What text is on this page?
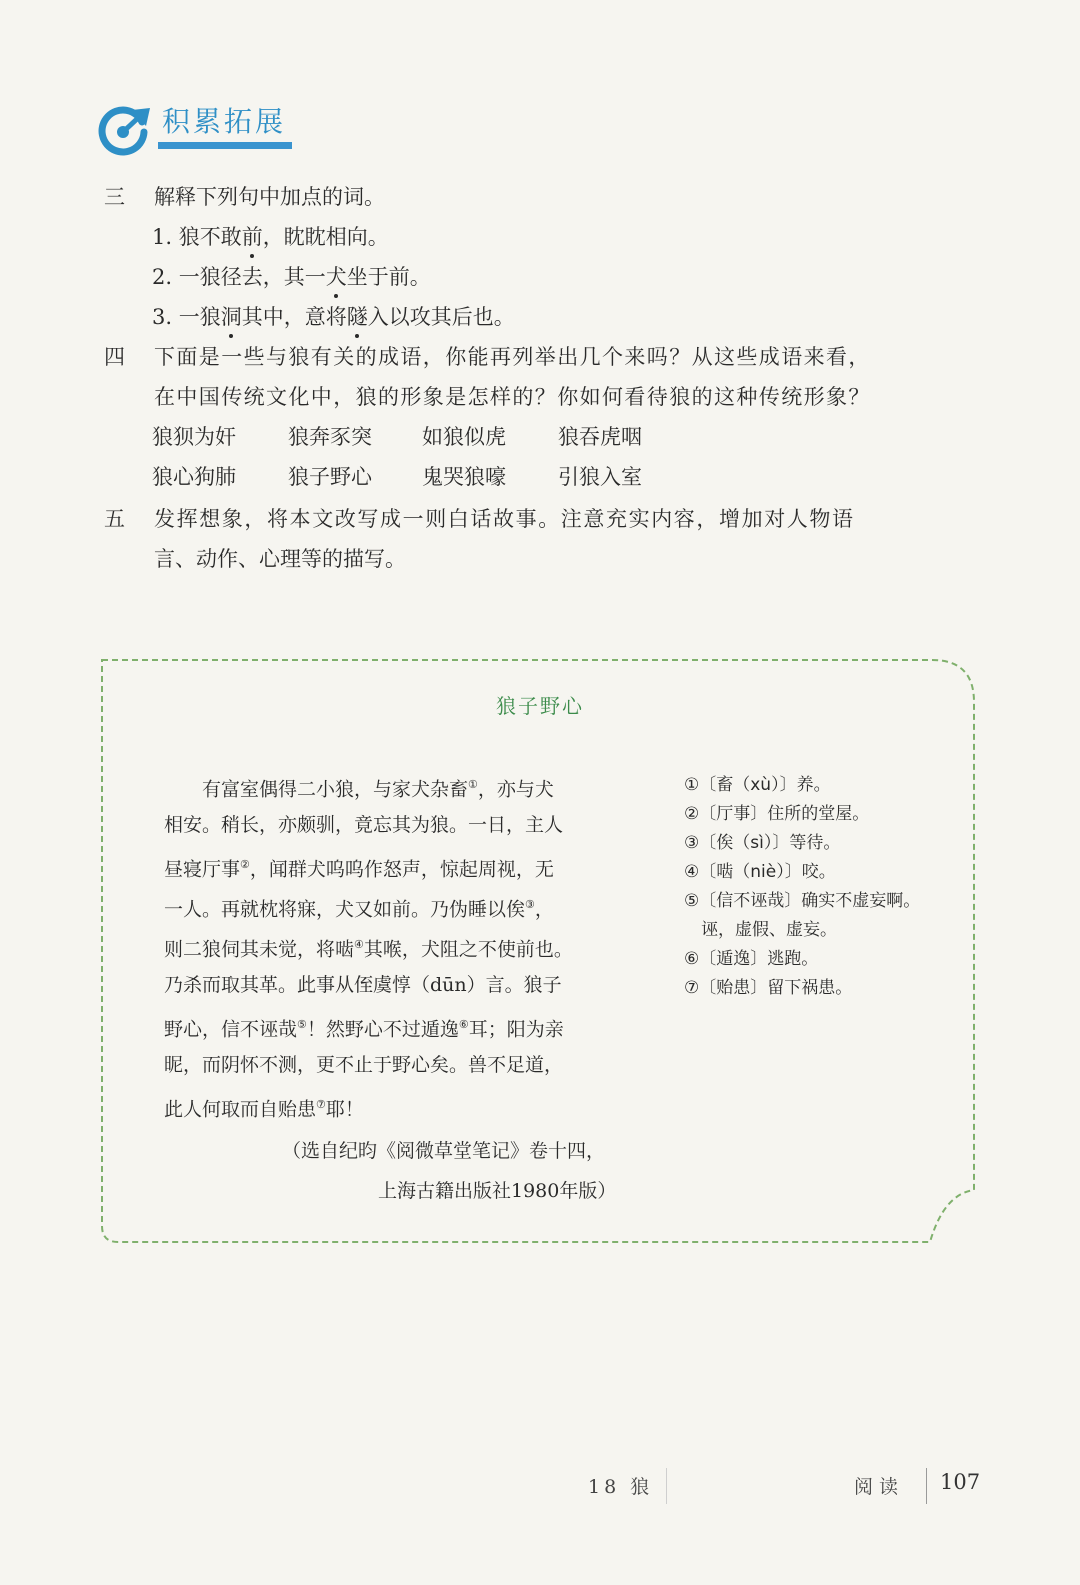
积累拓展
三 解释下列句中加点的词。
1. 狼不敢前，眈眈相向。
2. 一狼径去，其一犬坐于前。
3. 一狼洞其中，意将隧入以攻其后也。
四 下面是一些与狼有关的成语，你能再列举出几个来吗？从这些成语来看，
在中国传统文化中，狼的形象是怎样的？你如何看待狼的这种传统形象？
狼狈为奸 狼奔豕突 如狼似虎 狼吞虎咽
狼心狗肺 狼子野心 鬼哭狼嚎 引狼入室
五 发挥想象，将本文改写成一则白话故事。注意充实内容，增加对人物语
言、动作、心理等的描写。
狼子野心
　　有富室偶得二小狼，与家犬杂畜①，亦与犬
相安。稍长，亦颇驯，竟忘其为狼。一日，主人
昼寝厅事②，闻群犬呜呜作怒声，惊起周视，无
一人。再就枕将寐，犬又如前。乃伪睡以俟③，
则二狼伺其未觉，将啮④其喉，犬阻之不使前也。
乃杀而取其革。此事从侄虞惇（dūn）言。狼子
野心，信不诬哉⑤！然野心不过遁逸⑥耳；阳为亲
昵，而阴怀不测，更不止于野心矣。兽不足道，
此人何取而自贻患⑦耶！
（选自纪昀《阅微草堂笔记》卷十四，
上海古籍出版社1980年版）
①〔畜（xù）〕养。
②〔厅事〕住所的堂屋。
③〔俟（sì）〕等待。
④〔啮（niè）〕咬。
⑤〔信不诬哉〕确实不虚妄啊。
　诬，虚假、虚妄。
⑥〔遁逸〕逃跑。
⑦〔贻患〕留下祸患。
18 狼	阅读 107
